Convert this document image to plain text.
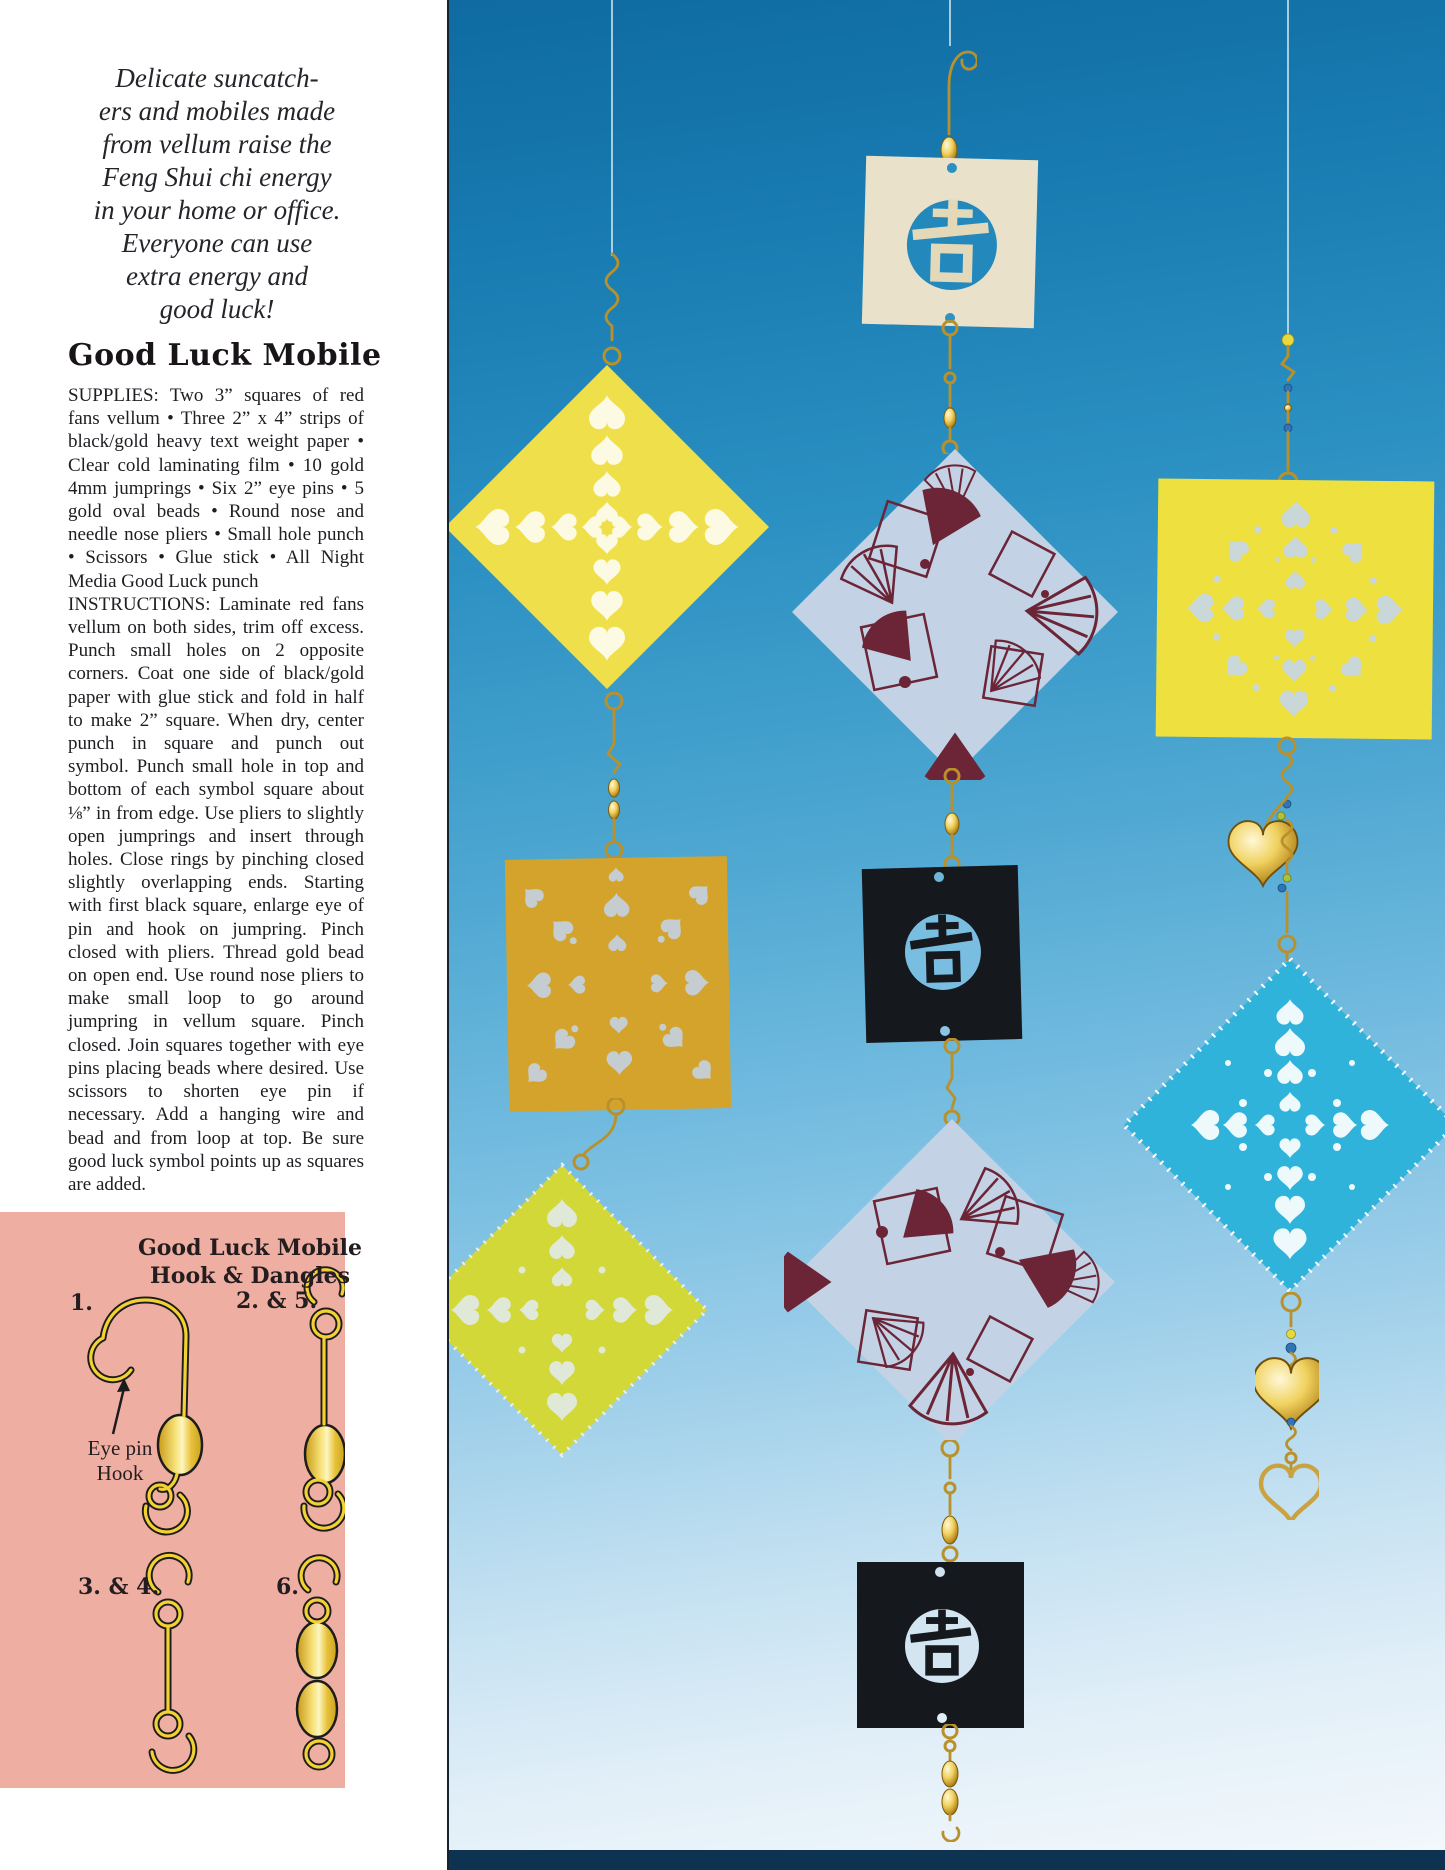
Delicate suncatch-
ers and mobiles made
from vellum raise the
Feng Shui chi energy
in your home or office.
Everyone can use
extra energy and
good luck!
Good Luck Mobile

SUPPLIES: Two 3” squares of red fans vellum • Three 2” x 4” strips of black/gold heavy text weight paper • Clear cold laminating film • 10 gold 4mm jumprings • Six 2” eye pins • 5 gold oval beads • Round nose and needle nose pliers • Small hole punch • Scissors • Glue stick • All Night Media Good Luck punch

INSTRUCTIONS: Laminate red fans vellum on both sides, trim off excess. Punch small holes on 2 opposite corners. Coat one side of black/gold paper with glue stick and fold in half to make 2” square. When dry, center punch in square and punch out symbol. Punch small hole in top and bottom of each symbol square about ⅛” in from edge. Use pliers to slightly open jumprings and insert through holes. Close rings by pinching closed slightly overlapping ends. Starting with first black square, enlarge eye of pin and hook on jumpring. Pinch closed with pliers. Thread gold bead on open end. Use round nose pliers to make small loop to go around jumpring in vellum square. Pinch closed. Join squares together with eye pins placing beads where desired. Use scissors to shorten eye pin if necessary. Add a hanging wire and bead and from loop at top. Be sure good luck symbol points up as squares are added.

Good Luck Mobile
Hook & Dangles
1.	2. & 5.
3. & 4.	6.
Eye pin
Hook
